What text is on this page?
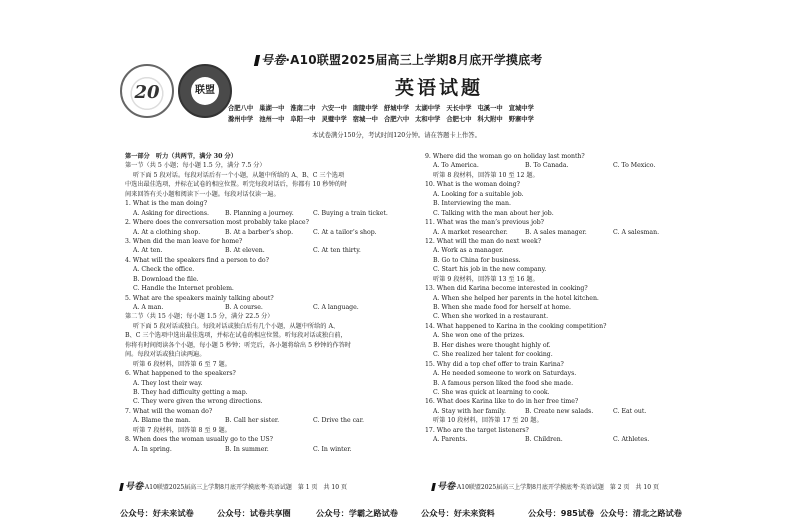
20	联盟
号卷·A10联盟2025届高三上学期8月底开学摸底考
英语试题
合肥八中 巢湖一中 淮南二中 六安一中 南陵中学 舒城中学 太湖中学 天长中学 屯溪一中 宣城中学
滁州中学 池州一中 阜阳一中 灵璧中学 宿城一中 合肥六中 太和中学 合肥七中 科大附中 野寨中学
本试卷满分150分，考试时间120分钟。请在答题卡上作答。
第一部分　听力（共两节，满分 30 分）
第一节（共 5 小题；每小题 1.5 分，满分 7.5 分）
听下面 5 段对话。每段对话后有一个小题，从题中所给的 A、B、C 三个选项
中选出最佳选项，并标在试卷的相应位置。听完每段对话后，你都有 10 秒钟的时
间来回答有关小题和阅读下一小题。每段对话仅读一遍。
1. What is the man doing?
A. Asking for directions.	B. Planning a journey.	C. Buying a train ticket.
2. Where does the conversation most probably take place?
A. At a clothing shop.	B. At a barber’s shop.	C. At a tailor’s shop.
3. When did the man leave for home?
A. At ten.	B. At eleven.	C. At ten thirty.
4. What will the speakers find a person to do?
A. Check the office.
B. Download the file.
C. Handle the Internet problem.
5. What are the speakers mainly talking about?
A. A man.	B. A course.	C. A language.
第二节（共 15 小题；每小题 1.5 分，满分 22.5 分）
听下面 5 段对话或独白。每段对话或独白后有几个小题，从题中所给的 A、
B、C 三个选项中选出最佳选项，并标在试卷的相应位置。听每段对话或独白前，
你将有时间阅读各个小题，每小题 5 秒钟；听完后，各小题将给出 5 秒钟的作答时
间。每段对话或独白读两遍。
听第 6 段材料，回答第 6 至 7 题。
6. What happened to the speakers?
A. They lost their way.
B. They had difficulty getting a map.
C. They were given the wrong directions.
7. What will the woman do?
A. Blame the man.	B. Call her sister.	C. Drive the car.
听第 7 段材料，回答第 8 至 9 题。
8. When does the woman usually go to the US?
A. In spring.	B. In summer.	C. In winter.
9. Where did the woman go on holiday last month?
A. To America.	B. To Canada.	C. To Mexico.
听第 8 段材料，回答第 10 至 12 题。
10. What is the woman doing?
A. Looking for a suitable job.
B. Interviewing the man.
C. Talking with the man about her job.
11. What was the man’s previous job?
A. A market researcher.	B. A sales manager.	C. A salesman.
12. What will the man do next week?
A. Work as a manager.
B. Go to China for business.
C. Start his job in the new company.
听第 9 段材料，回答第 13 至 16 题。
13. When did Karina become interested in cooking?
A. When she helped her parents in the hotel kitchen.
B. When she made food for herself at home.
C. When she worked in a restaurant.
14. What happened to Karina in the cooking competition?
A. She won one of the prizes.
B. Her dishes were thought highly of.
C. She realized her talent for cooking.
15. Why did a top chef offer to train Karina?
A. He needed someone to work on Saturdays.
B. A famous person liked the food she made.
C. She was quick at learning to cook.
16. What does Karina like to do in her free time?
A. Stay with her family.	B. Create new salads.	C. Eat out.
听第 10 段材料，回答第 17 至 20 题。
17. Who are the target listeners?
A. Parents.	B. Children.	C. Athletes.
号卷·A10联盟2025届高三上学期8月底开学摸底考·英语试题　第 1 页　共 10 页	号卷·A10联盟2025届高三上学期8月底开学摸底考·英语试题　第 2 页　共 10 页
公众号：好未来试卷	公众号：试卷共享圈	公众号：学霸之路试卷	公众号：好未来资料	公众号：985试卷 公众号：清北之路试卷
